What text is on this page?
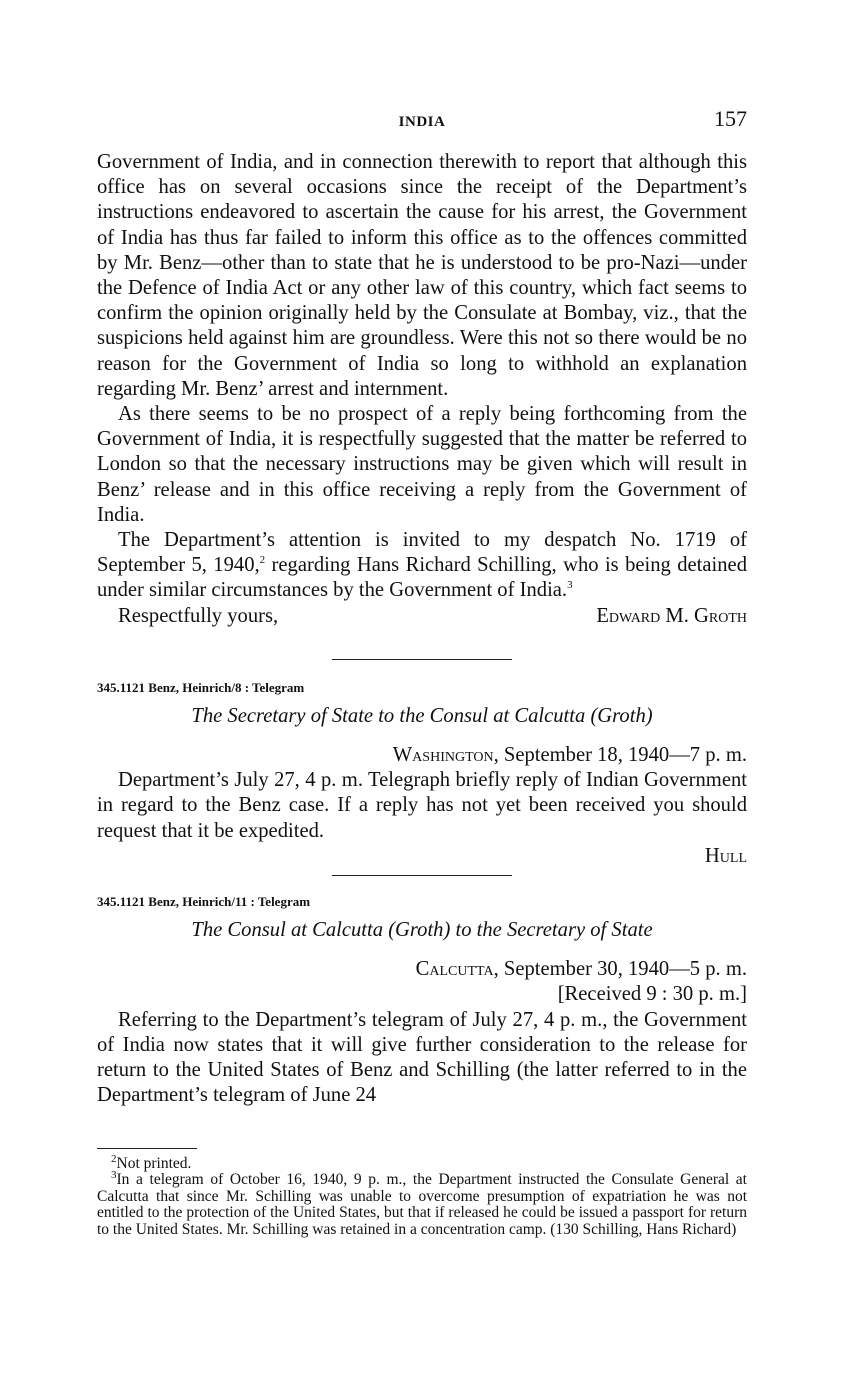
INDIA	157

Government of India, and in connection therewith to report that although this office has on several occasions since the receipt of the Department’s instructions endeavored to ascertain the cause for his arrest, the Government of India has thus far failed to inform this office as to the offences committed by Mr. Benz—other than to state that he is understood to be pro-Nazi—under the Defence of India Act or any other law of this country, which fact seems to confirm the opinion originally held by the Consulate at Bombay, viz., that the suspicions held against him are groundless. Were this not so there would be no reason for the Government of India so long to withhold an explanation regarding Mr. Benz’ arrest and internment.

As there seems to be no prospect of a reply being forthcoming from the Government of India, it is respectfully suggested that the matter be referred to London so that the necessary instructions may be given which will result in Benz’ release and in this office receiving a reply from the Government of India.

The Department’s attention is invited to my despatch No. 1719 of September 5, 1940,$^2$ regarding Hans Richard Schilling, who is being detained under similar circumstances by the Government of India.$^3$

Respectfully yours,	Edward M. Groth

345.1121 Benz, Heinrich/8 : Telegram
The Secretary of State to the Consul at Calcutta (Groth)
Washington, September 18, 1940—7 p. m.

Department’s July 27, 4 p. m. Telegraph briefly reply of Indian Government in regard to the Benz case. If a reply has not yet been received you should request that it be expedited.

Hull
345.1121 Benz, Heinrich/11 : Telegram
The Consul at Calcutta (Groth) to the Secretary of State
Calcutta, September 30, 1940—5 p. m.
[Received 9 : 30 p. m.]

Referring to the Department’s telegram of July 27, 4 p. m., the Government of India now states that it will give further consideration to the release for return to the United States of Benz and Schilling (the latter referred to in the Department’s telegram of June 24

$^2$Not printed.

$^3$In a telegram of October 16, 1940, 9 p. m., the Department instructed the Consulate General at Calcutta that since Mr. Schilling was unable to overcome presumption of expatriation he was not entitled to the protection of the United States, but that if released he could be issued a passport for return to the United States. Mr. Schilling was retained in a concentration camp. (130 Schilling, Hans Richard)
